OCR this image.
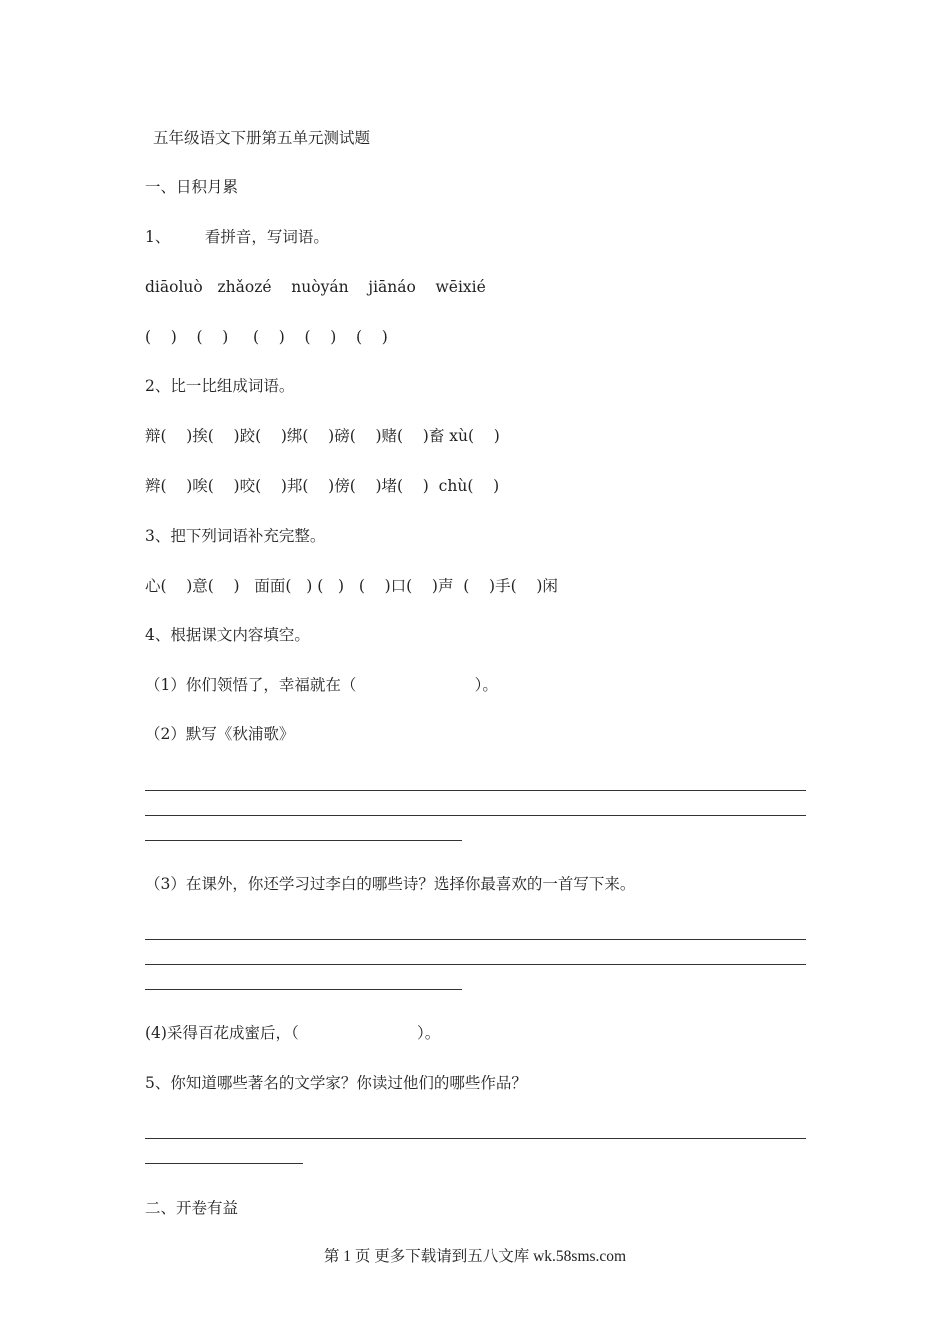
五年级语文下册第五单元测试题
一、日积月累
1、       看拼音，写词语。
diāoluò   zhǎozé    nuòyán    jiānáo    wēixié
(    )    (    )     (    )    (    )    (    )
2、比一比组成词语。
辩(    )挨(    )跤(    )绑(    )磅(    )赌(    )畜 xù(    )
辫(    )唉(    )咬(    )邦(    )傍(    )堵(    )  chù(    )
3、把下列词语补充完整。
心(    )意(    )   面面(   ) (   )   (    )口(    )声  (    )手(    )闲
4、根据课文内容填空。
（1）你们领悟了，幸福就在（                        ）。
（2）默写《秋浦歌》
（3）在课外，你还学习过李白的哪些诗？选择你最喜欢的一首写下来。
(4)采得百花成蜜后，（                        ）。
5、你知道哪些著名的文学家？你读过他们的哪些作品？
二、开卷有益
第 1 页 更多下载请到五八文库 wk.58sms.com
